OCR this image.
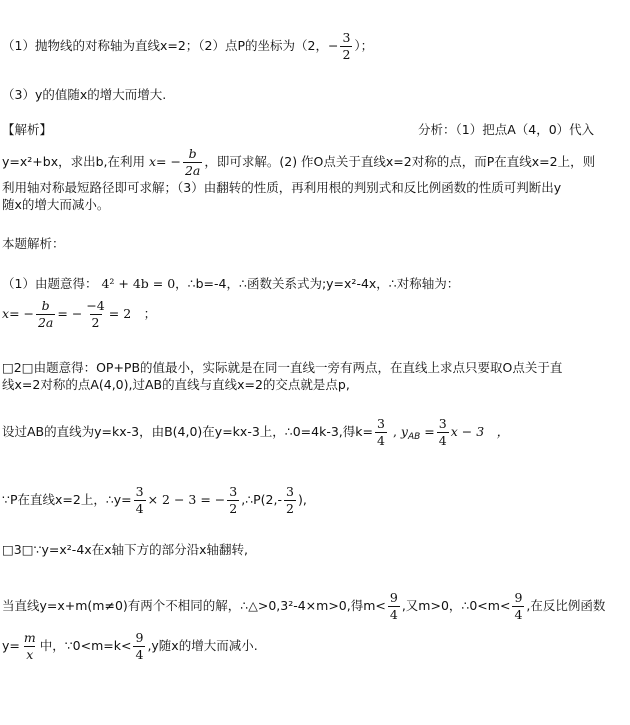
（1）抛物线的对称轴为直线x=2；（2）点P的坐标为（2，− $\frac{3}{2}$ ）；
（3）y的值随x的增大而增大.
【解析】	分析：（1）把点A（4，0）代入
y=x²+bx，求出b,在利用 $x= - \frac{b}{2a}$ ，即可求解。(2) 作O点关于直线x=2对称的点，而P在直线x=2上，则
利用轴对称最短路径即可求解；（3）由翻转的性质，再利用根的判别式和反比例函数的性质可判断出y
随x的增大而减小。
本题解析：
（1）由题意得： 4² + 4b = 0，∴b=-4，∴函数关系式为;y=x²-4x，∴对称轴为：
$x= - \frac{b}{2a}$ = − $\frac{-4}{2} = 2$　；
□2□由题意得：OP+PB的值最小，实际就是在同一直线一旁有两点，在直线上求点只要取O点关于直
线x=2对称的点A(4,0),过AB的直线与直线x=2的交点就是点p,
设过AB的直线为y=kx-3，由B(4,0)在y=kx-3上，∴0=4k-3,得$k= \frac{3}{4}$ , $y_{AB} = \frac{3}{4}$ x − 3　，
∵P在直线x=2上，∴y= $\frac{3}{4} \times 2 - 3$ = − $\frac{3}{2}$ ,∴P(2,- $\frac{3}{2}$ ),
□3□∵y=x²-4x在x轴下方的部分沿x轴翻转,
当直线y=x+m(m≠0)有两个不相同的解，∴△>0,3²-4×m>0,得$m< \frac{9}{4}$ ,又m>0，∴0<m< $\frac{9}{4}$ ,在反比例函数
$y= \frac{m}{x}$ 中，∵0<m=k< $\frac{9}{4} ,y$随x的增大而减小.
